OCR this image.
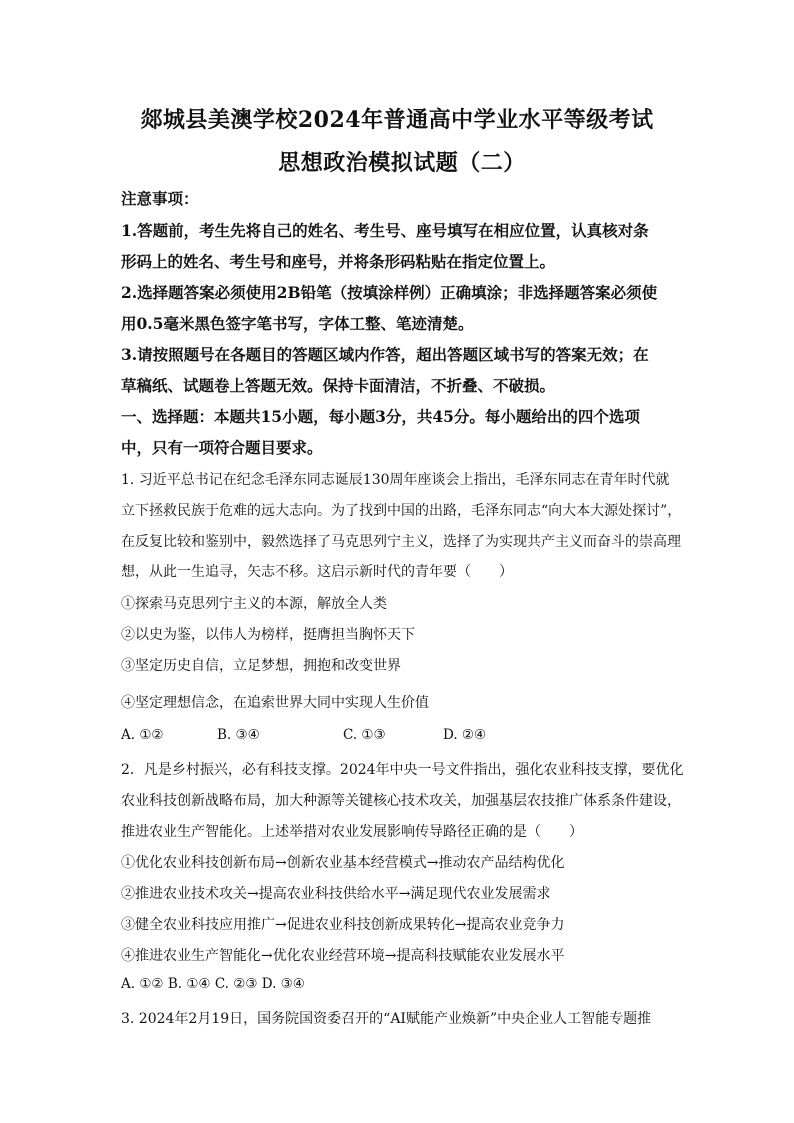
郯城县美澳学校2024年普通高中学业水平等级考试
思想政治模拟试题（二）
注意事项：
1.答题前，考生先将自己的姓名、考生号、座号填写在相应位置，认真核对条
形码上的姓名、考生号和座号，并将条形码粘贴在指定位置上。
2.选择题答案必须使用2B铅笔（按填涂样例）正确填涂；非选择题答案必须使
用0.5毫米黑色签字笔书写，字体工整、笔迹清楚。
3.请按照题号在各题目的答题区域内作答，超出答题区域书写的答案无效；在
草稿纸、试题卷上答题无效。保持卡面清洁，不折叠、不破损。
一、选择题：本题共15小题，每小题3分，共45分。每小题给出的四个选项
中，只有一项符合题目要求。
1. 习近平总书记在纪念毛泽东同志诞辰130周年座谈会上指出，毛泽东同志在青年时代就
立下拯救民族于危难的远大志向。为了找到中国的出路，毛泽东同志“向大本大源处探讨”，
在反复比较和鉴别中，毅然选择了马克思列宁主义，选择了为实现共产主义而奋斗的崇高理
想，从此一生追寻，矢志不移。这启示新时代的青年要（　　）
①探索马克思列宁主义的本源，解放全人类
②以史为鉴，以伟人为榜样，挺膺担当胸怀天下
③坚定历史自信，立足梦想，拥抱和改变世界
④坚定理想信念，在追索世界大同中实现人生价值
A. ①②	B. ③④	C. ①③	D. ②④
2．凡是乡村振兴，必有科技支撑。2024年中央一号文件指出，强化农业科技支撑，要优化
农业科技创新战略布局，加大种源等关键核心技术攻关，加强基层农技推广体系条件建设，
推进农业生产智能化。上述举措对农业发展影响传导路径正确的是（　　）
①优化农业科技创新布局→创新农业基本经营模式→推动农产品结构优化
②推进农业技术攻关→提高农业科技供给水平→满足现代农业发展需求
③健全农业科技应用推广→促进农业科技创新成果转化→提高农业竞争力
④推进农业生产智能化→优化农业经营环境→提高科技赋能农业发展水平
A. ①② B. ①④ C. ②③ D. ③④
3. 2024年2月19日，国务院国资委召开的“AI赋能产业焕新”中央企业人工智能专题推
